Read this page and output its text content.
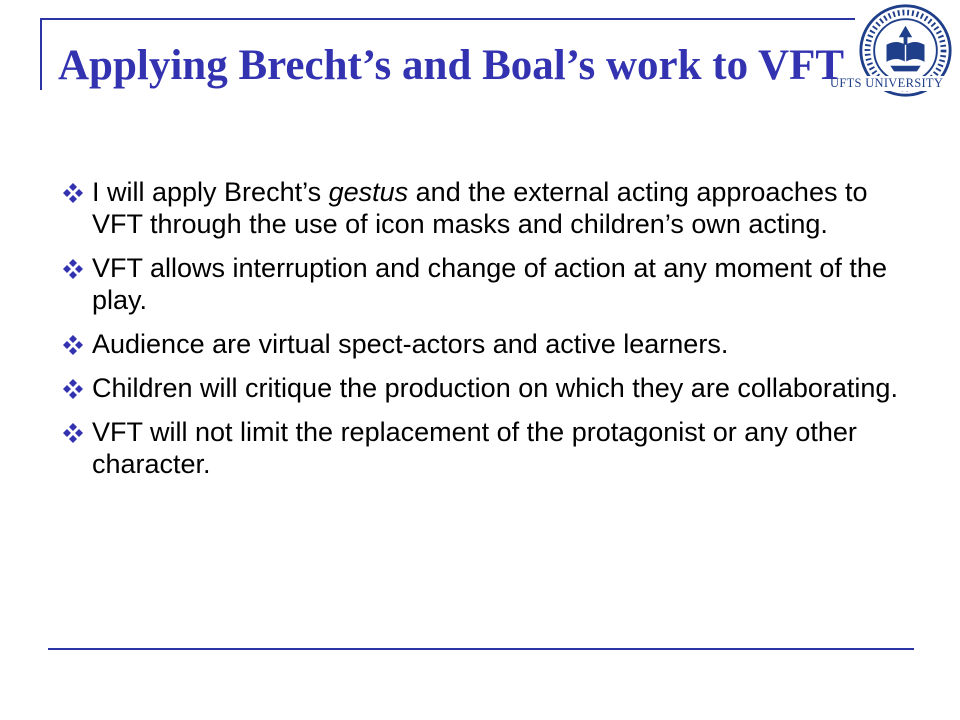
UFTS UNIVERSITY
Applying Brecht’s and Boal’s work to VFT
I will apply Brecht’s gestus and the external acting approaches to VFT through the use of icon masks and children’s own acting.
VFT allows interruption and change of action at any moment of the play.
Audience are virtual spect-actors and active learners.
Children will critique the production on which they are collaborating.
VFT will not limit the replacement of the protagonist or any other character.
